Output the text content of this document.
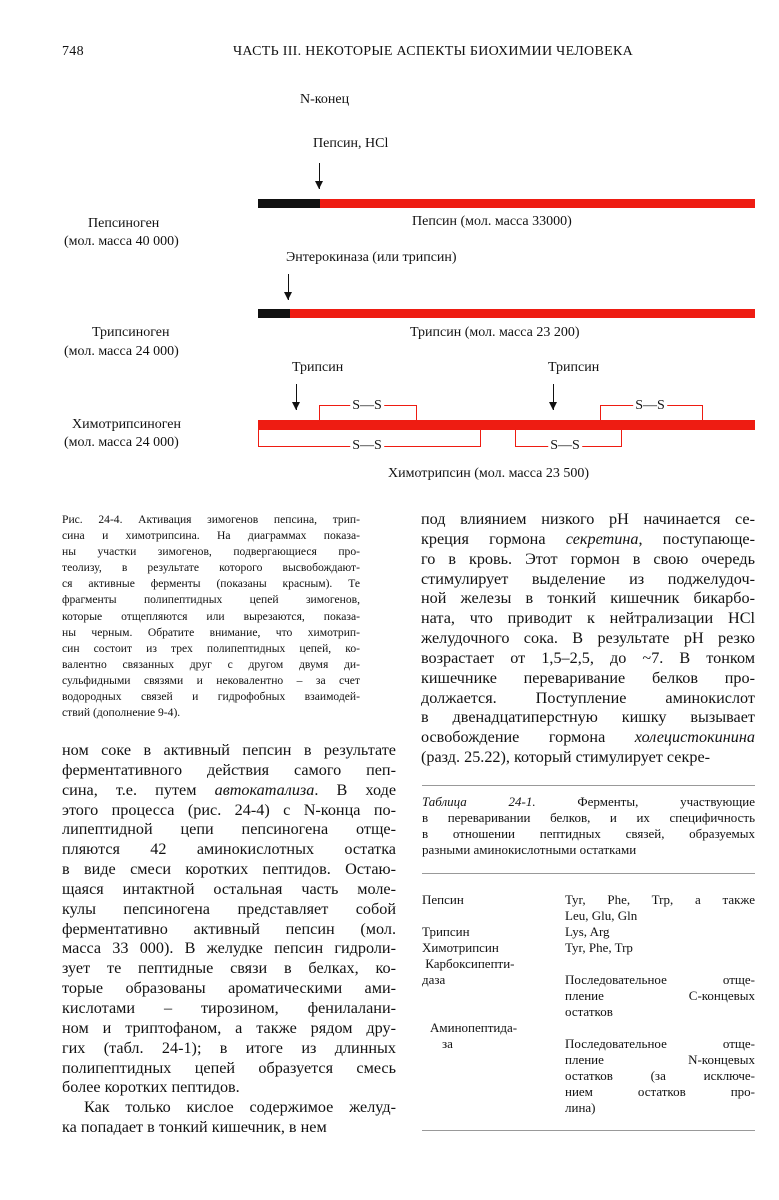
748	ЧАСТЬ III. НЕКОТОРЫЕ АСПЕКТЫ БИОХИМИИ ЧЕЛОВЕКА
N-конец
Пепсин, HCl
Пепсиноген
(мол. масса 40 000)
Пепсин (мол. масса 33000)
Энтерокиназа (или трипсин)
Трипсиноген
(мол. масса 24 000)
Трипсин (мол. масса 23 200)
Трипсин	Трипсин
S—S	S—S
S—S	S—S
Химотрипсиноген
(мол. масса 24 000)
Химотрипсин (мол. масса 23 500)
Рис. 24-4. Активация зимогенов пепсина, трип-
сина и химотрипсина. На диаграммах показа-
ны участки зимогенов, подвергающиеся про-
теолизу, в результате которого высвобождают-
ся активные ферменты (показаны красным). Те
фрагменты полипептидных цепей зимогенов,
которые отщепляются или вырезаются, показа-
ны черным. Обратите внимание, что химотрип-
син состоит из трех полипептидных цепей, ко-
валентно связанных друг с другом двумя ди-
сульфидными связями и нековалентно – за счет
водородных связей и гидрофобных взаимодей-
ствий (дополнение 9-4).
ном соке в активный пепсин в результате
ферментативного действия самого пеп-
сина, т.е. путем автокатализа. В ходе
этого процесса (рис. 24-4) с N-конца по-
липептидной цепи пепсиногена отще-
пляются 42 аминокислотных остатка
в виде смеси коротких пептидов. Остаю-
щаяся интактной остальная часть моле-
кулы пепсиногена представляет собой
ферментативно активный пепсин (мол.
масса 33 000). В желудке пепсин гидроли-
зует те пептидные связи в белках, ко-
торые образованы ароматическими ами-
кислотами – тирозином, фенилалани-
ном и триптофаном, а также рядом дру-
гих (табл. 24-1); в итоге из длинных
полипептидных цепей образуется смесь
более коротких пептидов.
Как только кислое содержимое желуд-
ка попадает в тонкий кишечник, в нем
под влиянием низкого pH начинается се-
креция гормона секретина, поступающе-
го в кровь. Этот гормон в свою очередь
стимулирует выделение из поджелудоч-
ной железы в тонкий кишечник бикарбо-
ната, что приводит к нейтрализации HCl
желудочного сока. В результате pH резко
возрастает от 1,5–2,5, до ~7. В тонком
кишечнике переваривание белков про-
должается. Поступление аминокислот
в двенадцатиперстную кишку вызывает
освобождение гормона холецистокинина
(разд. 25.22), который стимулирует секре-
Таблица 24-1. Ферменты, участвующие
в переваривании белков, и их специфичность
в отношении пептидных связей, образуемых
разными аминокислотными остатками
Пепсин	Tyr, Phe, Trp, а также
Leu, Glu, Gln
Трипсин	Lys, Arg
Химотрипсин	Tyr, Phe, Trp
Карбоксипепти-
даза	Последовательное отще-
пление С-концевых
остатков
Аминопептида-
за	Последовательное отще-
пление N-концевых
остатков (за исключе-
нием остатков про-
лина)
